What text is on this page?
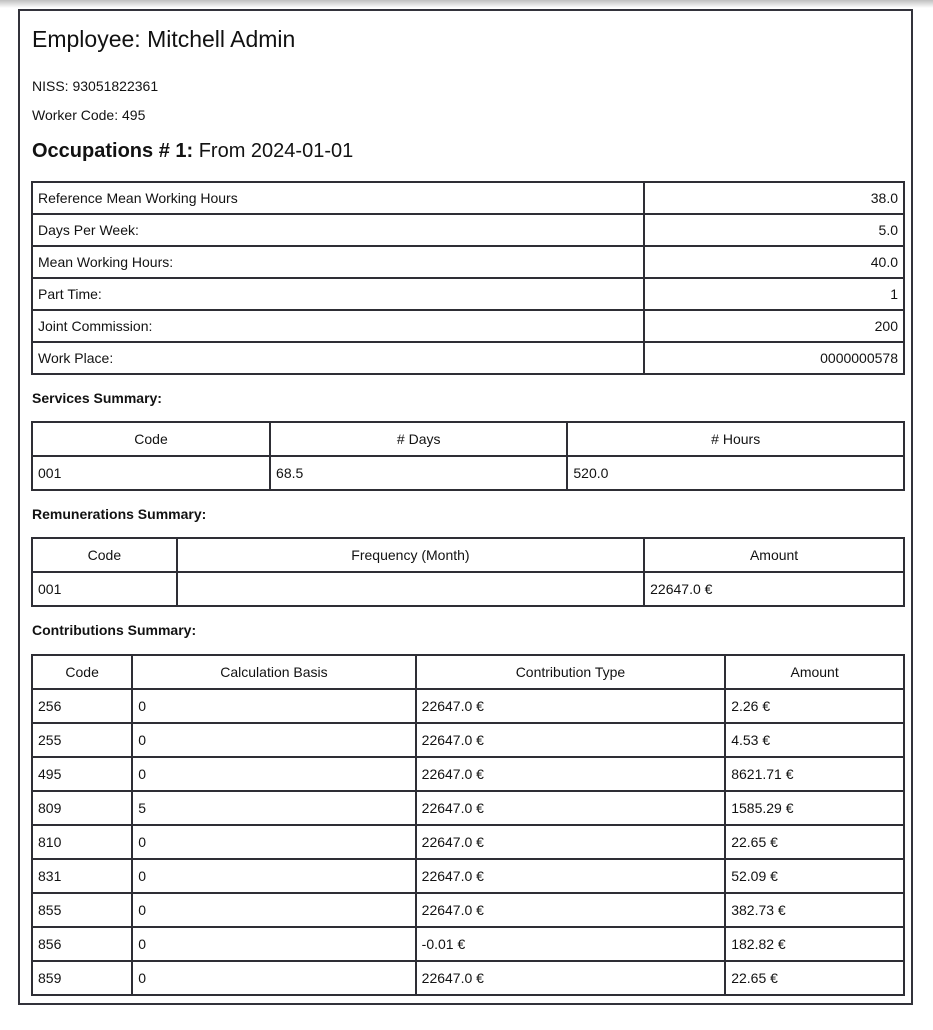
Employee: Mitchell Admin

NISS: 93051822361

Worker Code: 495

Occupations # 1: From 2024-01-01
Reference Mean Working Hours	38.0
Days Per Week:	5.0
Mean Working Hours:	40.0
Part Time:	1
Joint Commission:	200
Work Place:	0000000578

Services Summary:

Code	# Days	# Hours
001	68.5	520.0

Remunerations Summary:

Code	Frequency (Month)	Amount
001		22647.0 €

Contributions Summary:

Code	Calculation Basis	Contribution Type	Amount
256	0	22647.0 €	2.26 €
255	0	22647.0 €	4.53 €
495	0	22647.0 €	8621.71 €
809	5	22647.0 €	1585.29 €
810	0	22647.0 €	22.65 €
831	0	22647.0 €	52.09 €
855	0	22647.0 €	382.73 €
856	0	-0.01 €	182.82 €
859	0	22647.0 €	22.65 €
